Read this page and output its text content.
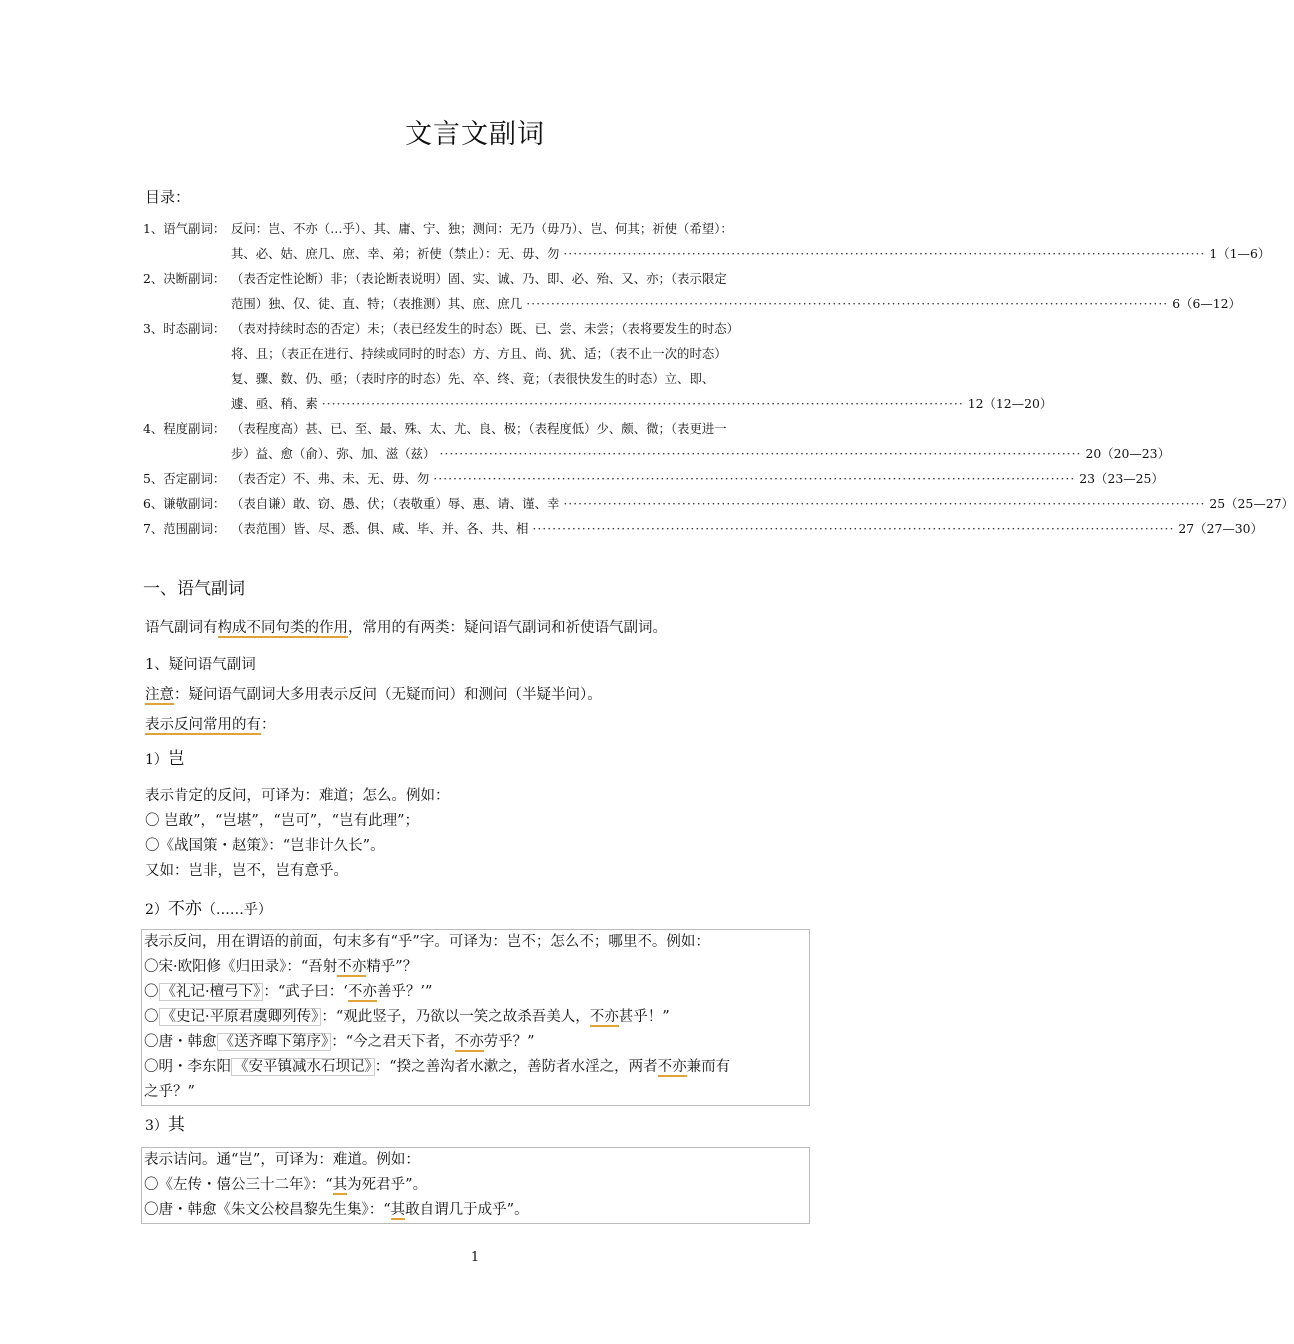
文言文副词
目录：
1、语气副词： 反问：岂、不亦（…乎）、其、庸、宁、独；测问：无乃（毋乃）、岂、何其；祈使（希望）：
其、必、姑、庶几、庶、幸、弟；祈使（禁止）：无、毋、勿 ·····	1（1—6）
2、决断副词： （表否定性论断）非；（表论断表说明）固、实、诚、乃、即、必、殆、又、亦；（表示限定
范围）独、仅、徒、直、特；（表推测）其、庶、庶几 ·····	6（6—12）
3、时态副词： （表对持续时态的否定）未；（表已经发生的时态）既、已、尝、未尝；（表将要发生的时态）
将、且；（表正在进行、持续或同时的时态）方、方且、尚、犹、适；（表不止一次的时态）
复、骤、数、仍、亟；（表时序的时态）先、卒、终、竟；（表很快发生的时态）立、即、
遽、亟、稍、素 ·····	12（12—20）
4、程度副词： （表程度高）甚、已、至、最、殊、太、尤、良、极；（表程度低）少、颇、微；（表更进一
步）益、愈（俞）、弥、加、滋（兹） ·····	20（20—23）
5、否定副词： （表否定）不、弗、未、无、毋、勿 ·····	23（23—25）
6、谦敬副词： （表自谦）敢、窃、愚、伏；（表敬重）辱、惠、请、谨、幸 ·····	25（25—27）
7、范围副词： （表范围）皆、尽、悉、俱、咸、毕、并、各、共、相 ·····	27（27—30）
一、语气副词
语气副词有构成不同句类的作用，常用的有两类：疑问语气副词和祈使语气副词。
1、疑问语气副词
注意：疑问语气副词大多用表示反问（无疑而问）和测问（半疑半问）。
表示反问常用的有：
1）岂
表示肯定的反问，可译为：难道；怎么。例如：
〇 岂敢”，“岂堪”，“岂可”，“岂有此理”；
〇《战国策・赵策》：“岂非计久长”。
又如：岂非，岂不，岂有意乎。
2）不亦（……乎）
表示反问，用在谓语的前面，句末多有“乎”字。可译为：岂不；怎么不；哪里不。例如：
〇宋·欧阳修《归田录》：“吾射不亦精乎”？
〇 《礼记·檀弓下》 ：“武子曰：‘不亦善乎？’”
〇 《史记·平原君虞卿列传》 ：“观此竖子，乃欲以一笑之故杀吾美人，不亦甚乎！”
〇唐・韩愈 《送齐暭下第序》 ：“今之君天下者，不亦劳乎？”
〇明・李东阳 《安平镇减水石坝记》 ：“揆之善沟者水漱之，善防者水淫之，两者不亦兼而有
之乎？”
3）其
表示诘问。通“岂”，可译为：难道。例如：
〇《左传・僖公三十二年》：“其为死君乎”。
〇唐・韩愈《朱文公校昌黎先生集》：“其敢自谓几于成乎”。
1
